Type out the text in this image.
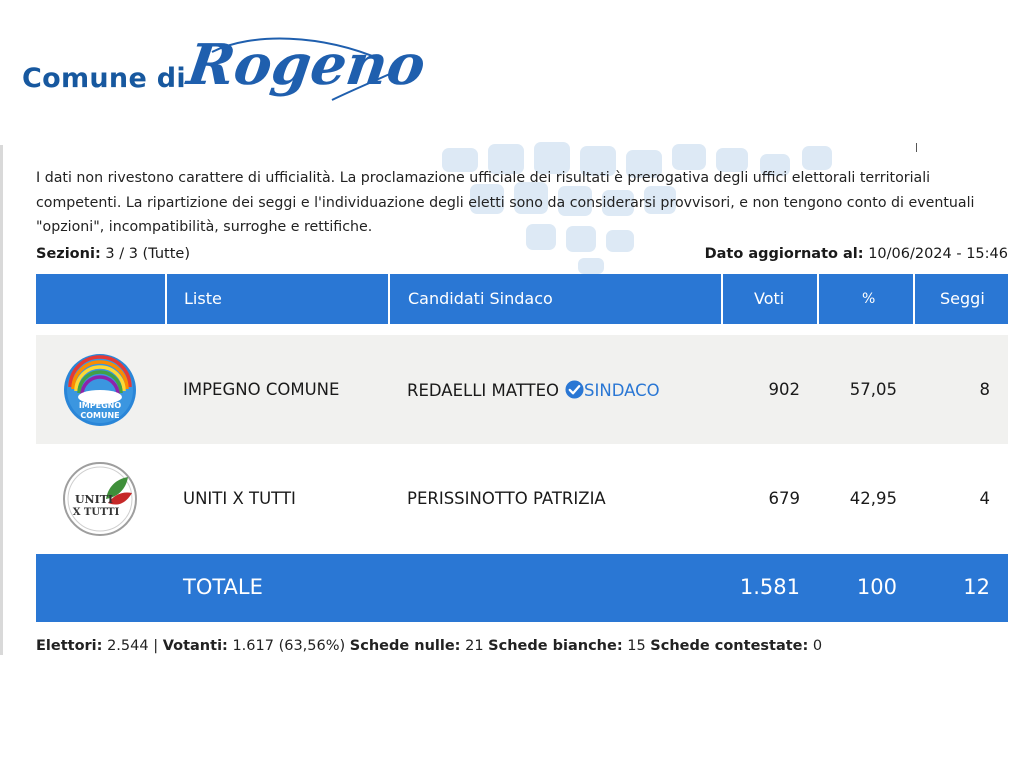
Comune di
Rogeno
I dati non rivestono carattere di ufficialità. La proclamazione ufficiale dei risultati è prerogativa degli uffici elettorali territoriali competenti. La ripartizione dei seggi e l'individuazione degli eletti sono da considerarsi provvisori, e non tengono conto di eventuali "opzioni", incompatibilità, surroghe e rettifiche.
Sezioni: 3 / 3 (Tutte)	Dato aggiornato al: 10/06/2024 - 15:46
Liste	Candidati Sindaco	Voti	%	Seggi
IMPEGNO
COMUNE
IMPEGNO COMUNE	REDAELLI MATTEO SINDACO	902	57,05	8
UNITI
X TUTTI
UNITI X TUTTI	PERISSINOTTO PATRIZIA	679	42,95	4
TOTALE	1.581	100	12
Elettori: 2.544 | Votanti: 1.617 (63,56%) Schede nulle: 21 Schede bianche: 15 Schede contestate: 0
